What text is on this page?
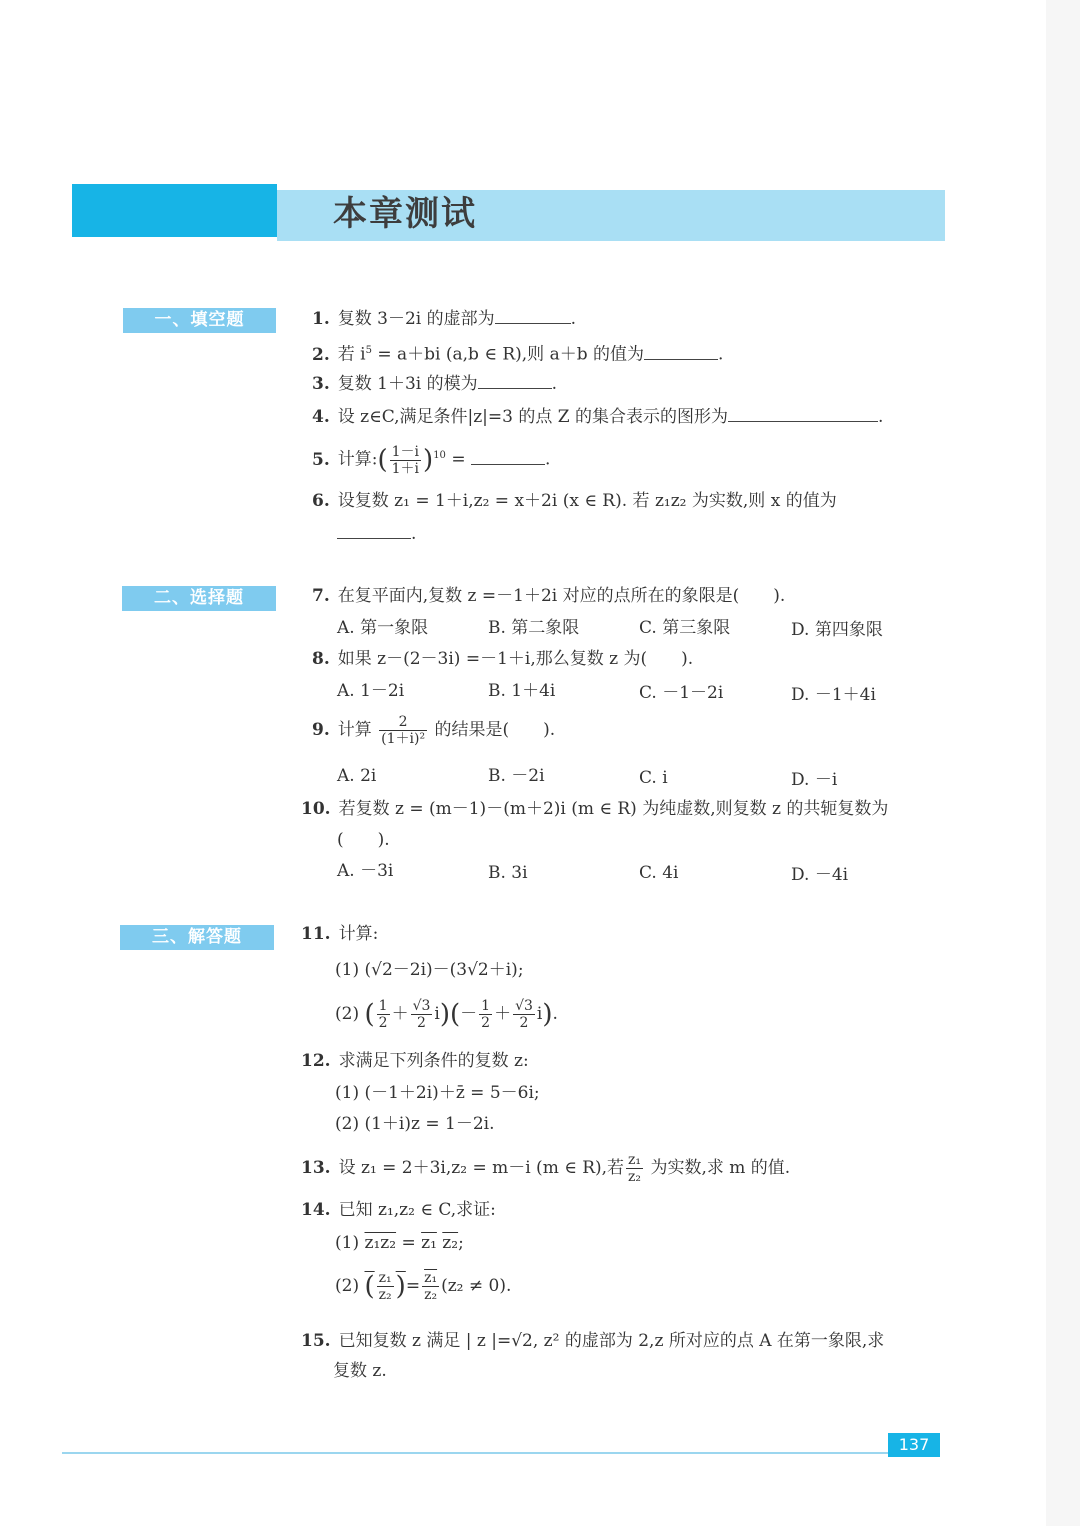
本章测试
一、填空题
二、选择题
三、解答题
1. 复数 3－2i 的虚部为	.
2. 若 $i^5 = a+bi$ (a,b ∈ R),则 a＋b 的值为	.
3. 复数 1＋3i 的模为	.
4. 设 z∈C,满足条件|z|=3 的点 Z 的集合表示的图形为	.
5. 计算:( $\frac{1-i}{1+i} )^{10}$ =	.
6. 设复数 z₁ = 1＋i,z₂ = x＋2i (x ∈ R). 若 z₁z₂ 为实数,则 x 的值为
.
7. 在复平面内,复数 z =－1＋2i 对应的点所在的象限是(　　).
A. 第一象限	B. 第二象限	C. 第三象限	D. 第四象限
8. 如果 z－(2－3i) =－1＋i,那么复数 z 为(　　).
A. 1－2i	B. 1＋4i	C. －1－2i	D. －1＋4i
9. 计算 $\frac{2}{\text{(1＋i)²}}$ 的结果是(　　).
A. 2i	B. －2i	C. i	D. －i
10. 若复数 z = (m－1)－(m＋2)i (m ∈ R) 为纯虚数,则复数 z 的共轭复数为
(　　).
A. －3i	B. 3i	C. 4i	D. －4i
11. 计算:
(1) (√2－2i)－(3√2＋i);
(2) ( $\frac{1}{2} + \frac{√3}{2} i)(- \frac{1}{2} + \frac{√3}{2} i)$.
12. 求满足下列条件的复数 z:
(1) (－1＋2i)＋z̄ = 5－6i;
(2) (1＋i)z = 1－2i.
13. 设 z₁ = 2＋3i,z₂ = m－i (m ∈ R),若 $\frac{\text{z₁}}{\text{z₂}}$ 为实数,求 m 的值.
14. 已知 z₁,z₂ ∈ C,求证:
(1) z₁z₂ = z₁ z₂;
(2) ( $\frac{\text{z₁}}{\text{z₂}}$ )= $\frac{\text{z₁}}{\text{z₂}} (z_2 \ne 0)$.
15. 已知复数 z 满足 | z |=√2, z² 的虚部为 2,z 所对应的点 A 在第一象限,求
复数 z.
137
